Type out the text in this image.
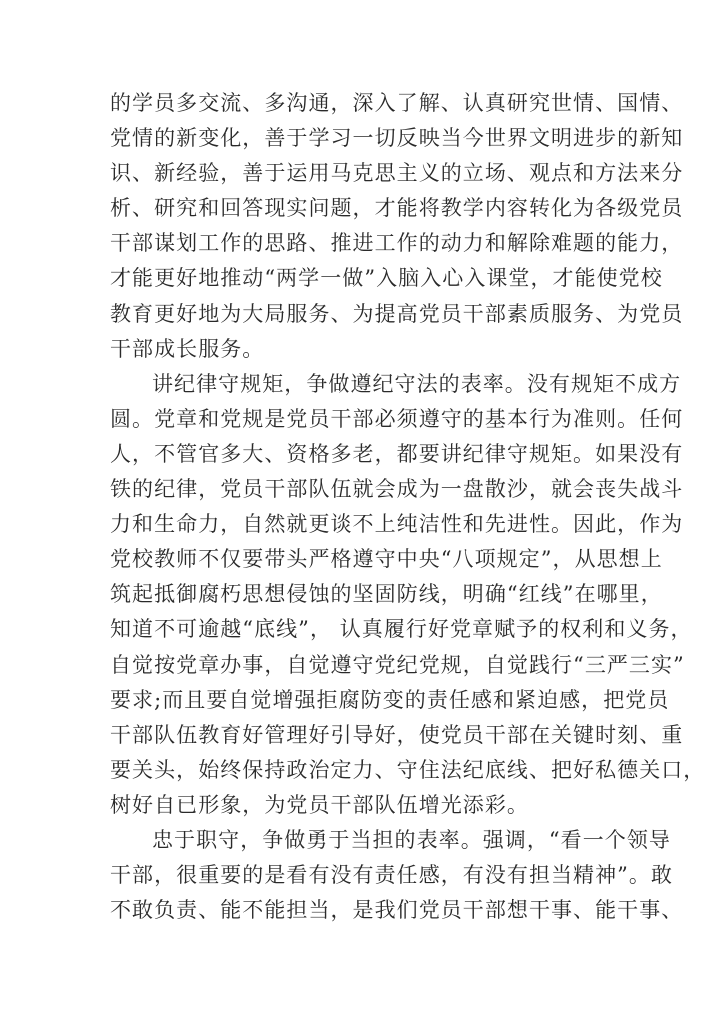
的学员多交流、多沟通，深入了解、认真研究世情、国情、
党情的新变化，善于学习一切反映当今世界文明进步的新知
识、新经验，善于运用马克思主义的立场、观点和方法来分
析、研究和回答现实问题，才能将教学内容转化为各级党员
干部谋划工作的思路、推进工作的动力和解除难题的能力，
才能更好地推动“两学一做”入脑入心入课堂，才能使党校
教育更好地为大局服务、为提高党员干部素质服务、为党员
干部成长服务。
讲纪律守规矩，争做遵纪守法的表率。没有规矩不成方
圆。党章和党规是党员干部必须遵守的基本行为准则。任何
人，不管官多大、资格多老，都要讲纪律守规矩。如果没有
铁的纪律，党员干部队伍就会成为一盘散沙，就会丧失战斗
力和生命力，自然就更谈不上纯洁性和先进性。因此，作为
党校教师不仅要带头严格遵守中央“八项规定”，从思想上
筑起抵御腐朽思想侵蚀的坚固防线，明确“红线”在哪里，
知道不可逾越“底线”， 认真履行好党章赋予的权利和义务，
自觉按党章办事，自觉遵守党纪党规，自觉践行“三严三实”
要求;而且要自觉增强拒腐防变的责任感和紧迫感，把党员
干部队伍教育好管理好引导好，使党员干部在关键时刻、重
要关头，始终保持政治定力、守住法纪底线、把好私德关口，
树好自已形象，为党员干部队伍增光添彩。
忠于职守，争做勇于当担的表率。强调，“看一个领导
干部，很重要的是看有没有责任感，有没有担当精神”。敢
不敢负责、能不能担当，是我们党员干部想干事、能干事、
